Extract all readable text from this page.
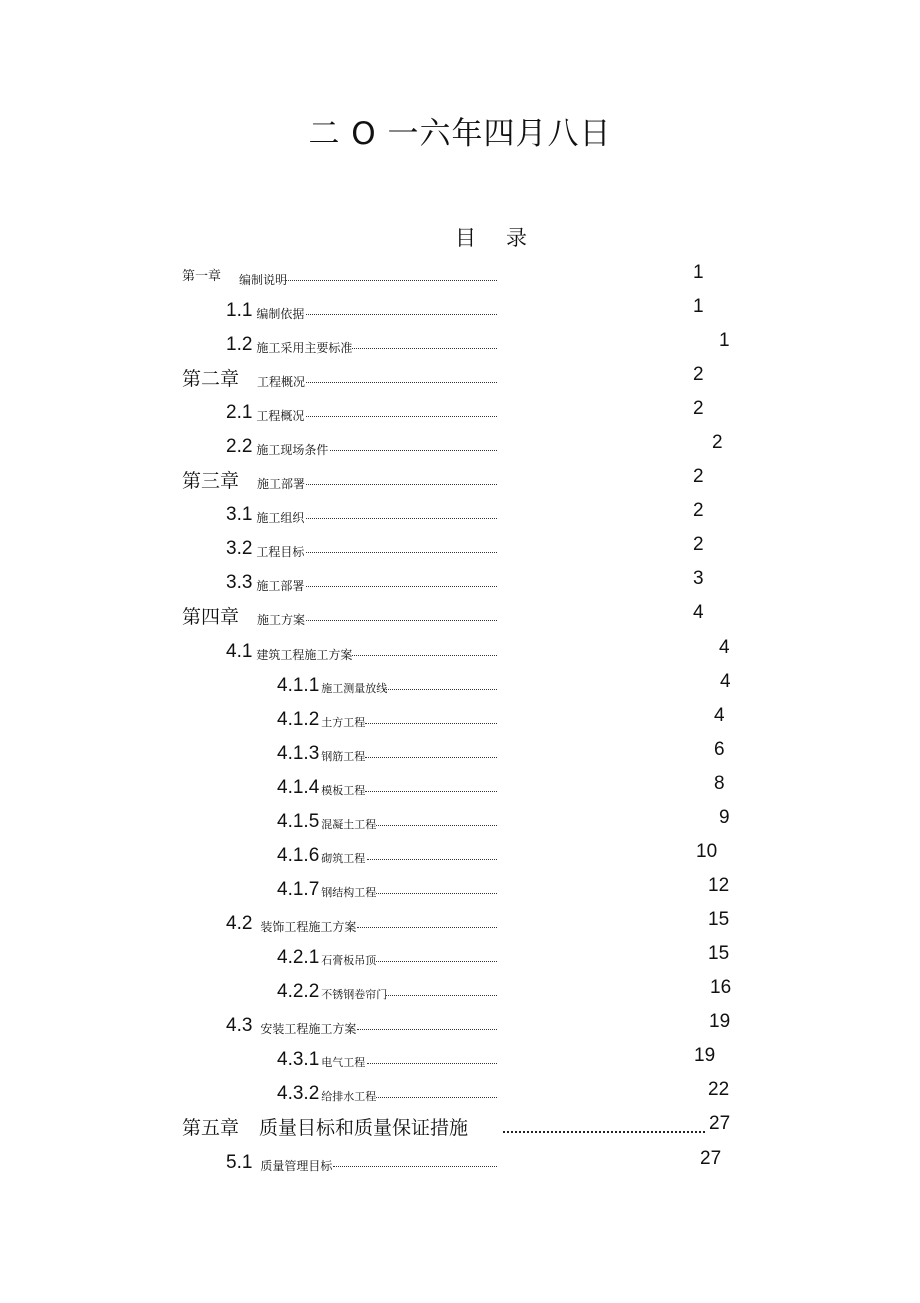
二 O 一六年四月八日
目 录
第一章 编制说明	1
1.1 编制依据	1
1.2 施工采用主要标准	1
第二章 工程概况	2
2.1 工程概况	2
2.2 施工现场条件	2
第三章 施工部署	2
3.1 施工组织	2
3.2 工程目标	2
3.3 施工部署	3
第四章 施工方案	4
4.1 建筑工程施工方案	4
4.1.1 施工测量放线	4
4.1.2 土方工程	4
4.1.3 钢筋工程	6
4.1.4 模板工程	8
4.1.5 混凝土工程	9
4.1.6 砌筑工程	10
4.1.7 钢结构工程	12
4.2 装饰工程施工方案	15
4.2.1 石膏板吊顶	15
4.2.2 不锈钢卷帘门	16
4.3 安装工程施工方案	19
4.3.1 电气工程	19
4.3.2 给排水工程	22
第五章 质量目标和质量保证措施	27
5.1 质量管理目标	27
